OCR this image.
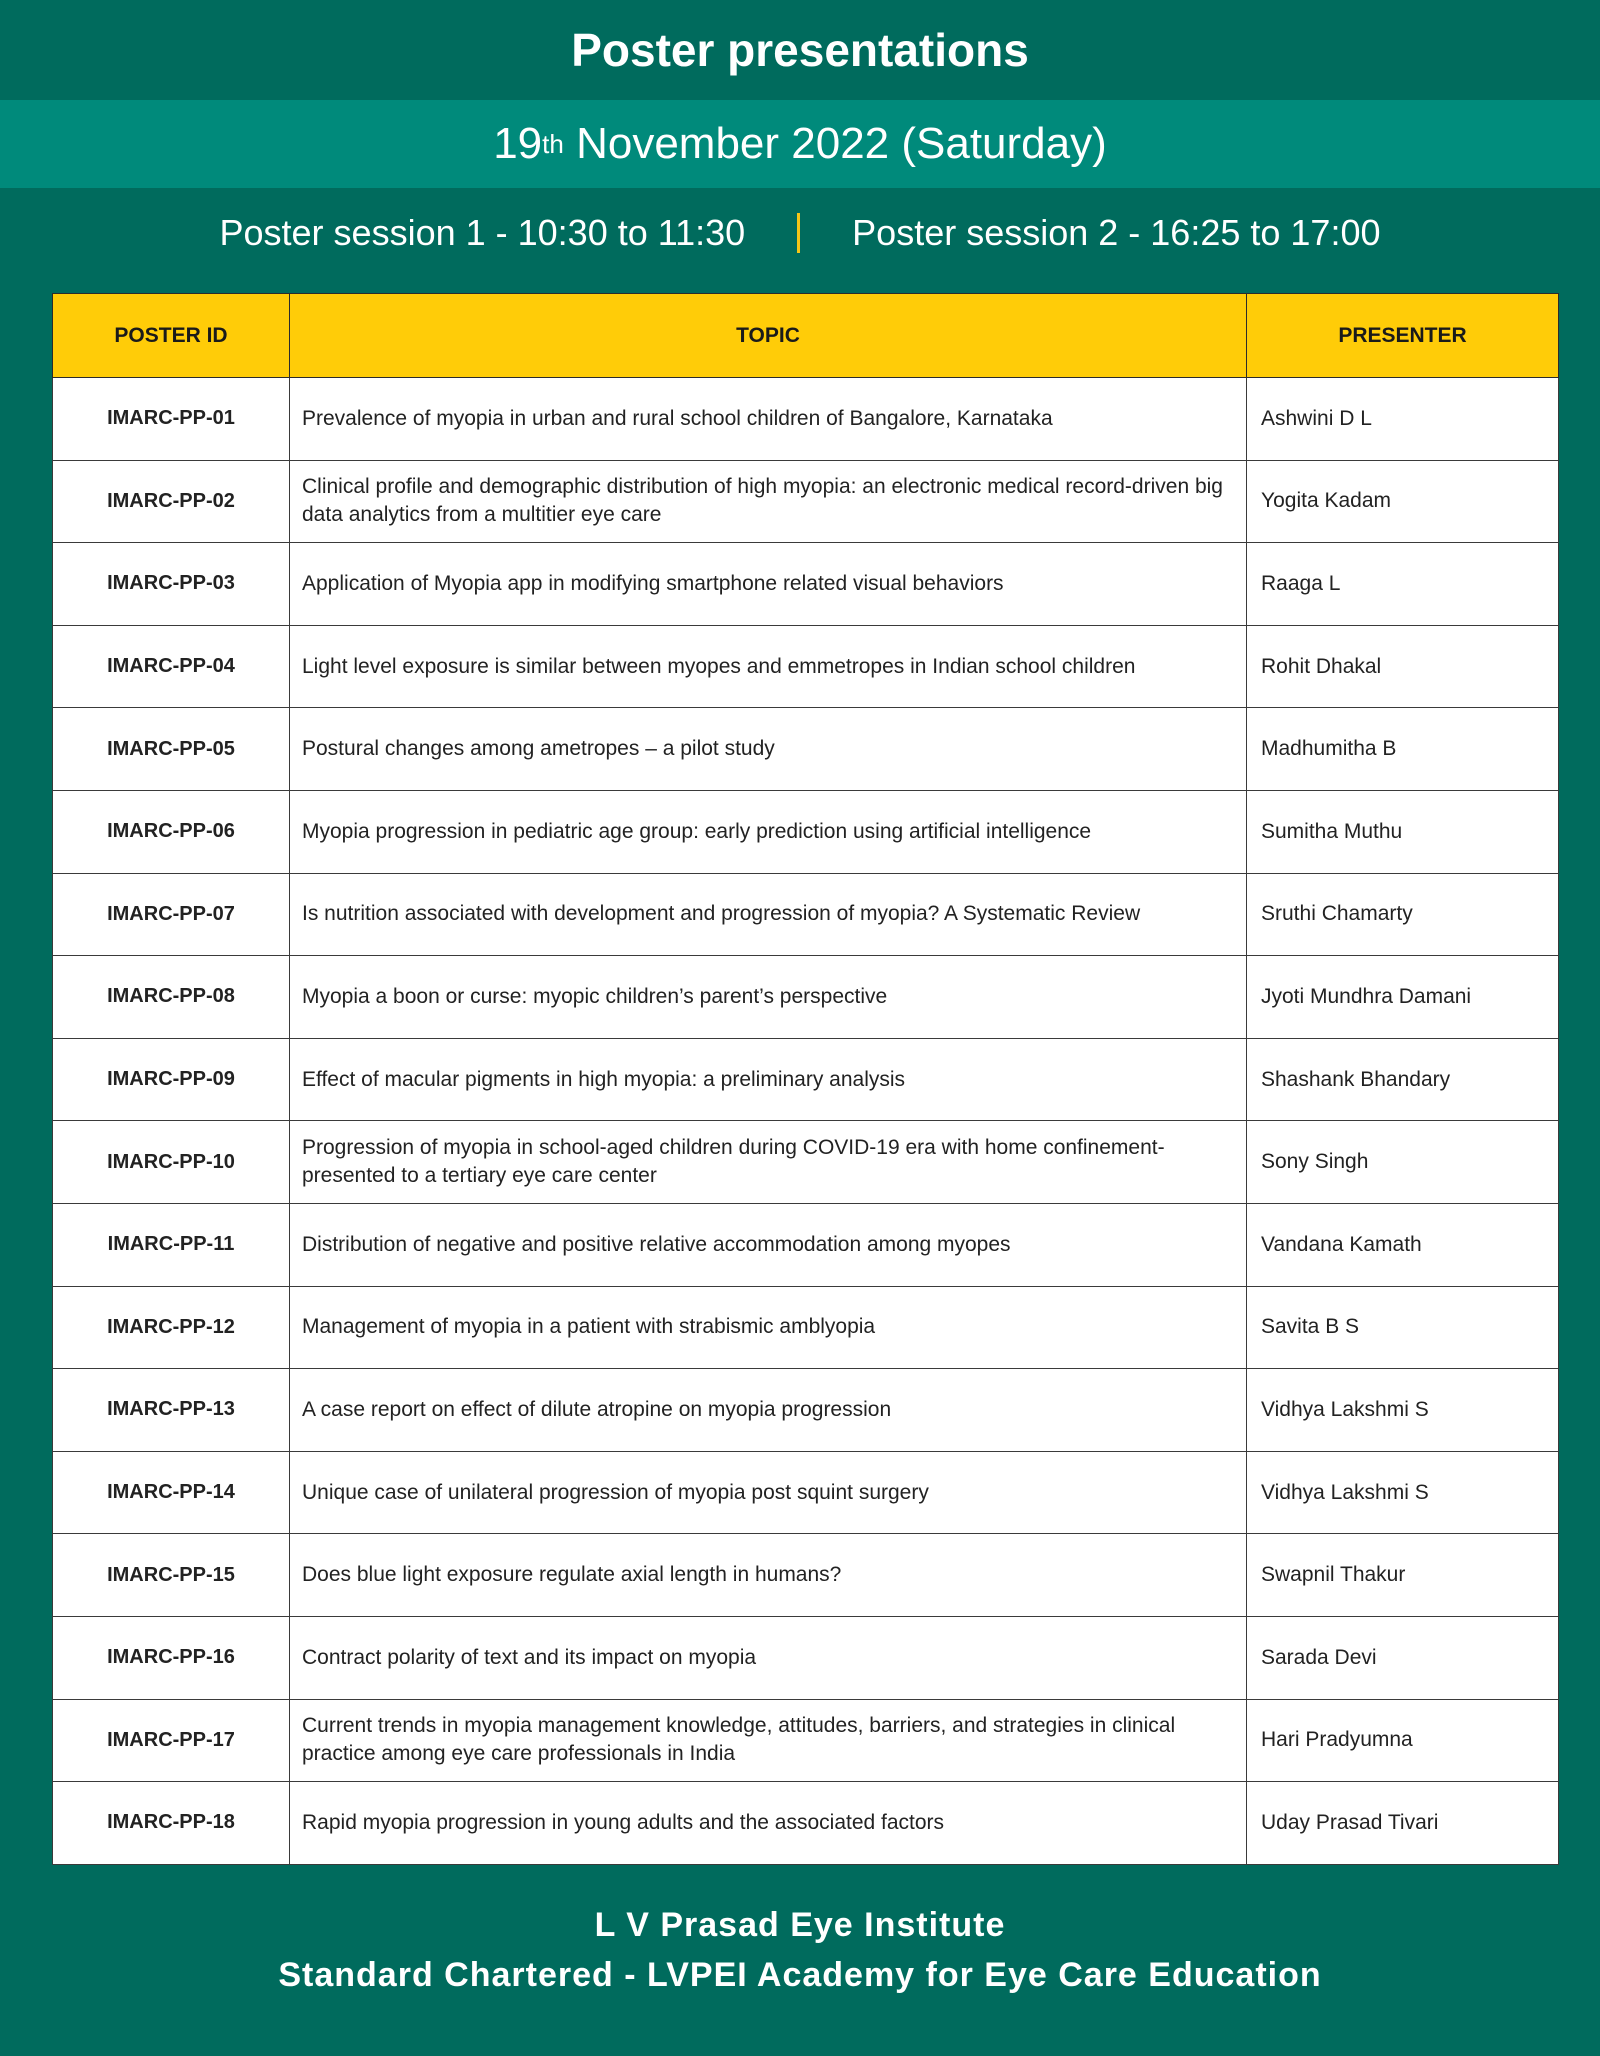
Poster presentations
19 th November 2022 (Saturday)
Poster session 1 - 10:30 to 11:30	Poster session 2 - 16:25 to 17:00
POSTER ID	TOPIC	PRESENTER
IMARC-PP-01	Prevalence of myopia in urban and rural school children of Bangalore, Karnataka	Ashwini D L
IMARC-PP-02	Clinical profile and demographic distribution of high myopia: an electronic medical record-driven big data analytics from a multitier eye care	Yogita Kadam
IMARC-PP-03	Application of Myopia app in modifying smartphone related visual behaviors	Raaga L
IMARC-PP-04	Light level exposure is similar between myopes and emmetropes in Indian school children	Rohit Dhakal
IMARC-PP-05	Postural changes among ametropes – a pilot study	Madhumitha B
IMARC-PP-06	Myopia progression in pediatric age group: early prediction using artificial intelligence	Sumitha Muthu
IMARC-PP-07	Is nutrition associated with development and progression of myopia? A Systematic Review	Sruthi Chamarty
IMARC-PP-08	Myopia a boon or curse: myopic children’s parent’s perspective	Jyoti Mundhra Damani
IMARC-PP-09	Effect of macular pigments in high myopia: a preliminary analysis	Shashank Bhandary
IMARC-PP-10	Progression of myopia in school-aged children during COVID-19 era with home confinement-presented to a tertiary eye care center	Sony Singh
IMARC-PP-11	Distribution of negative and positive relative accommodation among myopes	Vandana Kamath
IMARC-PP-12	Management of myopia in a patient with strabismic amblyopia	Savita B S
IMARC-PP-13	A case report on effect of dilute atropine on myopia progression	Vidhya Lakshmi S
IMARC-PP-14	Unique case of unilateral progression of myopia post squint surgery	Vidhya Lakshmi S
IMARC-PP-15	Does blue light exposure regulate axial length in humans?	Swapnil Thakur
IMARC-PP-16	Contract polarity of text and its impact on myopia	Sarada Devi
IMARC-PP-17	Current trends in myopia management knowledge, attitudes, barriers, and strategies in clinical practice among eye care professionals in India	Hari Pradyumna
IMARC-PP-18	Rapid myopia progression in young adults and the associated factors	Uday Prasad Tivari
L V Prasad Eye Institute
Standard Chartered - LVPEI Academy for Eye Care Education
